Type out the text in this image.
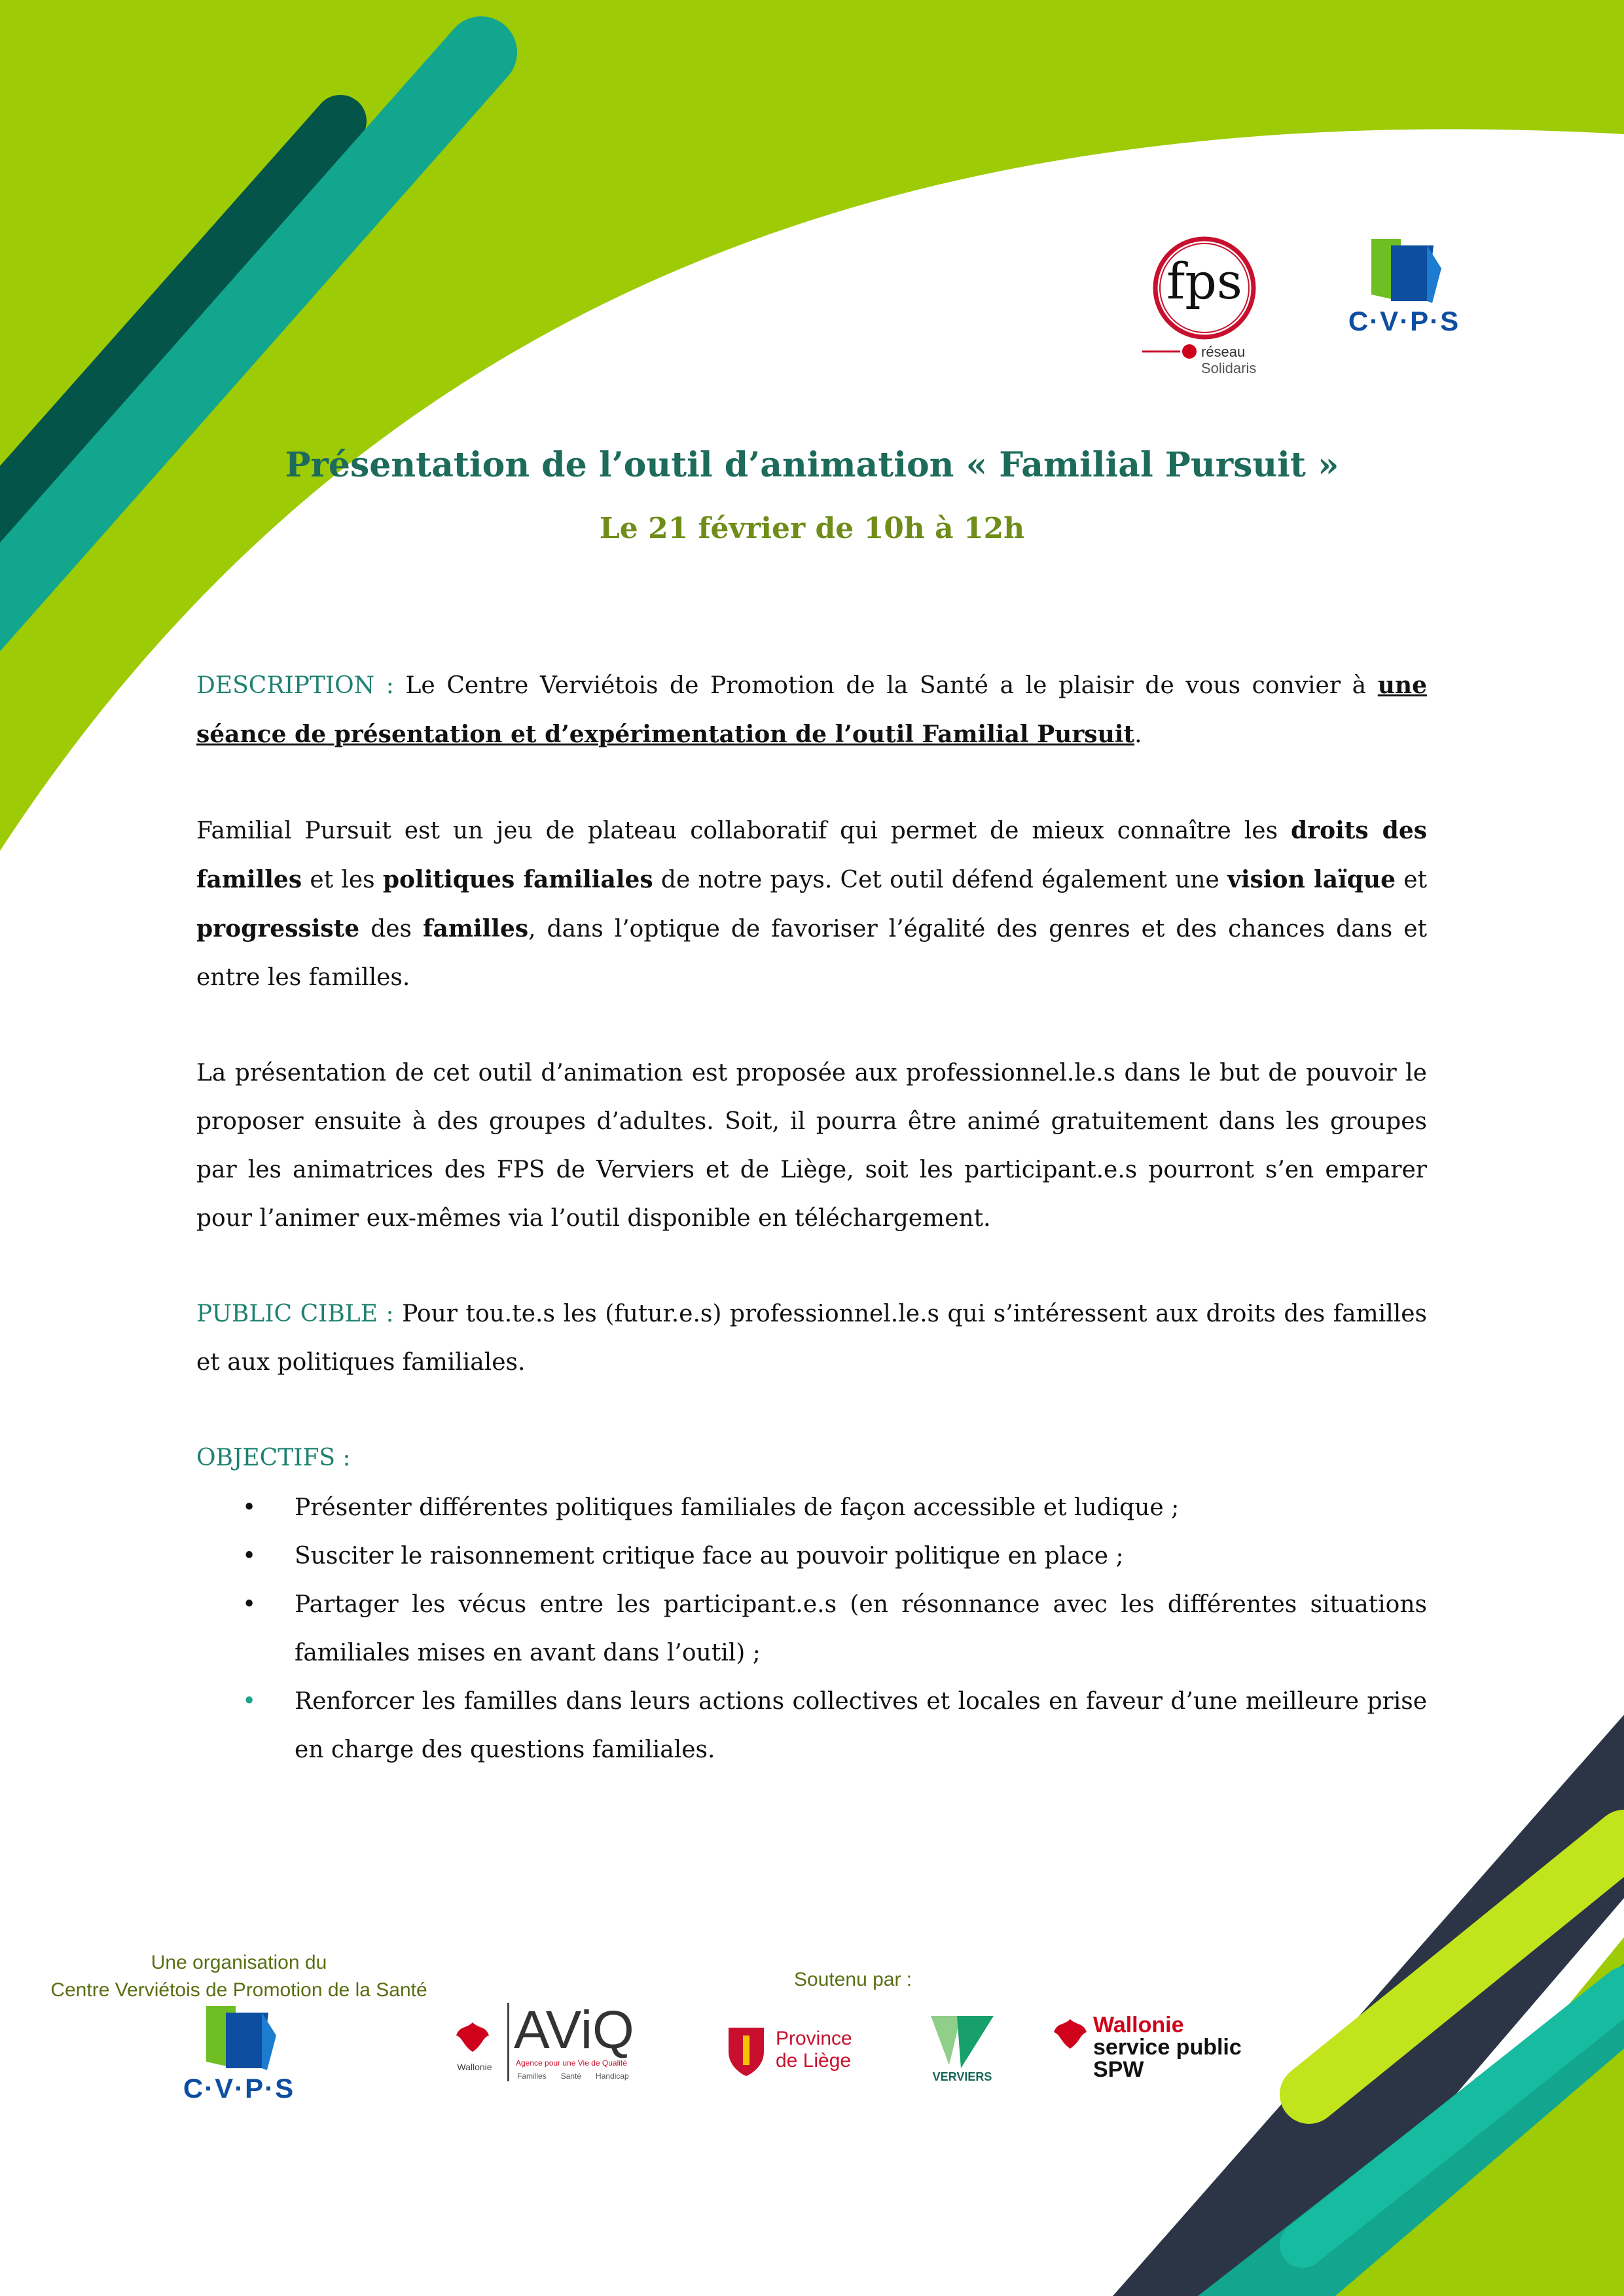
fps
réseau
Solidaris
C·V·P·S
Présentation de l’outil d’animation « Familial Pursuit »
Le 21 février de 10h à 12h

DESCRIPTION : Le Centre Verviétois de Promotion de la Santé a le plaisir de vous convier à une séance de présentation et d’expérimentation de l’outil Familial Pursuit.

Familial Pursuit est un jeu de plateau collaboratif qui permet de mieux connaître les droits des familles et les politiques familiales de notre pays. Cet outil défend également une vision laïque et progressiste des familles, dans l’optique de favoriser l’égalité des genres et des chances dans et entre les familles.

La présentation de cet outil d’animation est proposée aux professionnel.le.s dans le but de pouvoir le proposer ensuite à des groupes d’adultes. Soit, il pourra être animé gratuitement dans les groupes par les animatrices des FPS de Verviers et de Liège, soit les participant.e.s pourront s’en emparer pour l’animer eux-mêmes via l’outil disponible en téléchargement.

PUBLIC CIBLE : Pour tou.te.s les (futur.e.s) professionnel.le.s qui s’intéressent aux droits des familles et aux politiques familiales.

OBJECTIFS :

• Présenter différentes politiques familiales de façon accessible et ludique ;
• Susciter le raisonnement critique face au pouvoir politique en place ;
• Partager les vécus entre les participant.e.s (en résonnance avec les différentes situations familiales mises en avant dans l’outil) ;
• Renforcer les familles dans leurs actions collectives et locales en faveur d’une meilleure prise en charge des questions familiales.
Une organisation du
Centre Verviétois de Promotion de la Santé
C·V·P·S
Soutenu par :
Wallonie
AViQ
Agence pour une Vie de Qualité
Familles Santé Handicap
Province
de Liège
VERVIERS
Wallonie
service public
SPW
